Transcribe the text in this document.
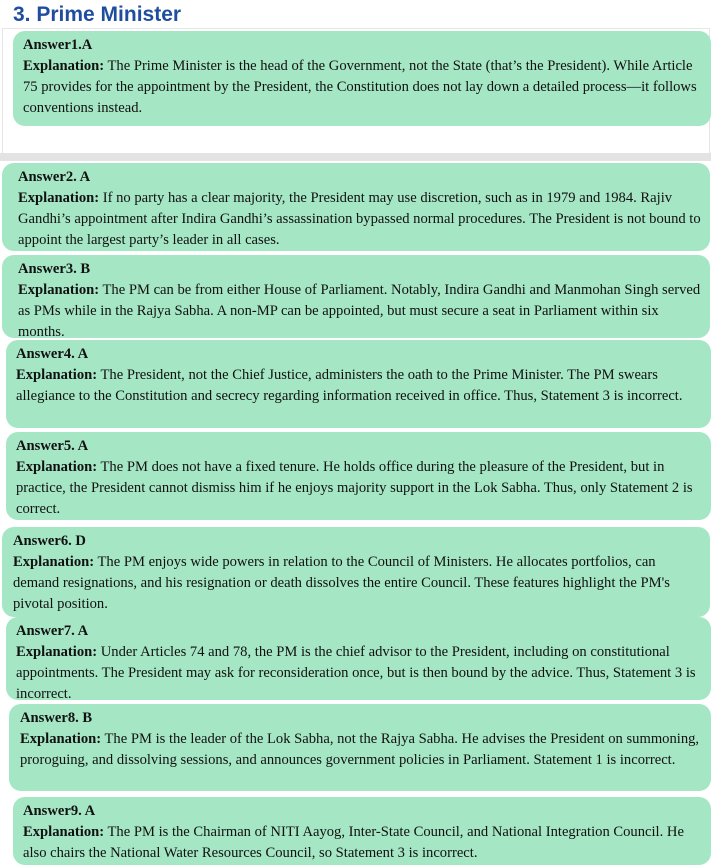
3. Prime Minister
Answer1.A
Explanation: The Prime Minister is the head of the Government, not the State (that’s the President). While Article 75 provides for the appointment by the President, the Constitution does not lay down a detailed process—it follows conventions instead.
Answer2. A
Explanation: If no party has a clear majority, the President may use discretion, such as in 1979 and 1984. Rajiv Gandhi’s appointment after Indira Gandhi’s assassination bypassed normal procedures. The President is not bound to appoint the largest party’s leader in all cases.
Answer3. B
Explanation: The PM can be from either House of Parliament. Notably, Indira Gandhi and Manmohan Singh served as PMs while in the Rajya Sabha. A non-MP can be appointed, but must secure a seat in Parliament within six months.
Answer4. A
Explanation: The President, not the Chief Justice, administers the oath to the Prime Minister. The PM swears allegiance to the Constitution and secrecy regarding information received in office. Thus, Statement 3 is incorrect.
Answer5. A
Explanation: The PM does not have a fixed tenure. He holds office during the pleasure of the President, but in practice, the President cannot dismiss him if he enjoys majority support in the Lok Sabha. Thus, only Statement 2 is correct.
Answer6. D
Explanation: The PM enjoys wide powers in relation to the Council of Ministers. He allocates portfolios, can demand resignations, and his resignation or death dissolves the entire Council. These features highlight the PM's pivotal position.
Answer7. A
Explanation: Under Articles 74 and 78, the PM is the chief advisor to the President, including on constitutional appointments. The President may ask for reconsideration once, but is then bound by the advice. Thus, Statement 3 is incorrect.
Answer8. B
Explanation: The PM is the leader of the Lok Sabha, not the Rajya Sabha. He advises the President on summoning, proroguing, and dissolving sessions, and announces government policies in Parliament. Statement 1 is incorrect.
Answer9. A
Explanation: The PM is the Chairman of NITI Aayog, Inter-State Council, and National Integration Council. He also chairs the National Water Resources Council, so Statement 3 is incorrect.
